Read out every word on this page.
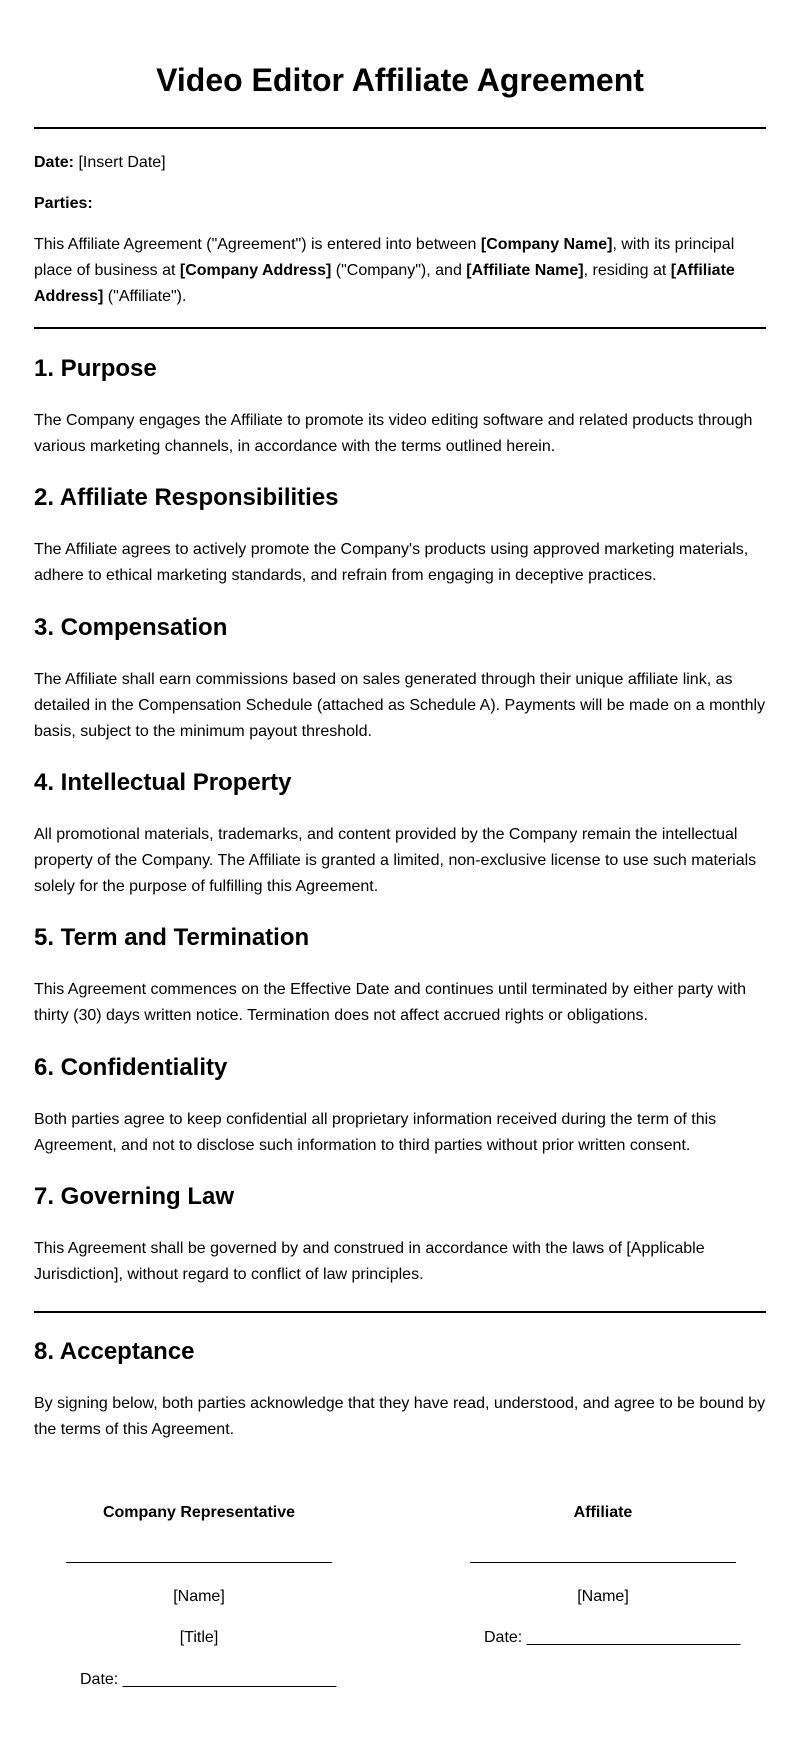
Video Editor Affiliate Agreement

Date: [Insert Date]

Parties:

This Affiliate Agreement ("Agreement") is entered into between [Company Name], with its principal place of business at [Company Address] ("Company"), and [Affiliate Name], residing at [Affiliate Address] ("Affiliate").

1. Purpose

The Company engages the Affiliate to promote its video editing software and related products through various marketing channels, in accordance with the terms outlined herein.

2. Affiliate Responsibilities

The Affiliate agrees to actively promote the Company's products using approved marketing materials, adhere to ethical marketing standards, and refrain from engaging in deceptive practices.

3. Compensation

The Affiliate shall earn commissions based on sales generated through their unique affiliate link, as detailed in the Compensation Schedule (attached as Schedule A). Payments will be made on a monthly basis, subject to the minimum payout threshold.

4. Intellectual Property

All promotional materials, trademarks, and content provided by the Company remain the intellectual property of the Company. The Affiliate is granted a limited, non-exclusive license to use such materials solely for the purpose of fulfilling this Agreement.

5. Term and Termination

This Agreement commences on the Effective Date and continues until terminated by either party with thirty (30) days written notice. Termination does not affect accrued rights or obligations.

6. Confidentiality

Both parties agree to keep confidential all proprietary information received during the term of this Agreement, and not to disclose such information to third parties without prior written consent.

7. Governing Law

This Agreement shall be governed by and construed in accordance with the laws of [Applicable Jurisdiction], without regard to conflict of law principles.

8. Acceptance

By signing below, both parties acknowledge that they have read, understood, and agree to be bound by the terms of this Agreement.

Company Representative
[Name]
[Title]
Date: ________________________
Affiliate
[Name]
Date: ________________________
